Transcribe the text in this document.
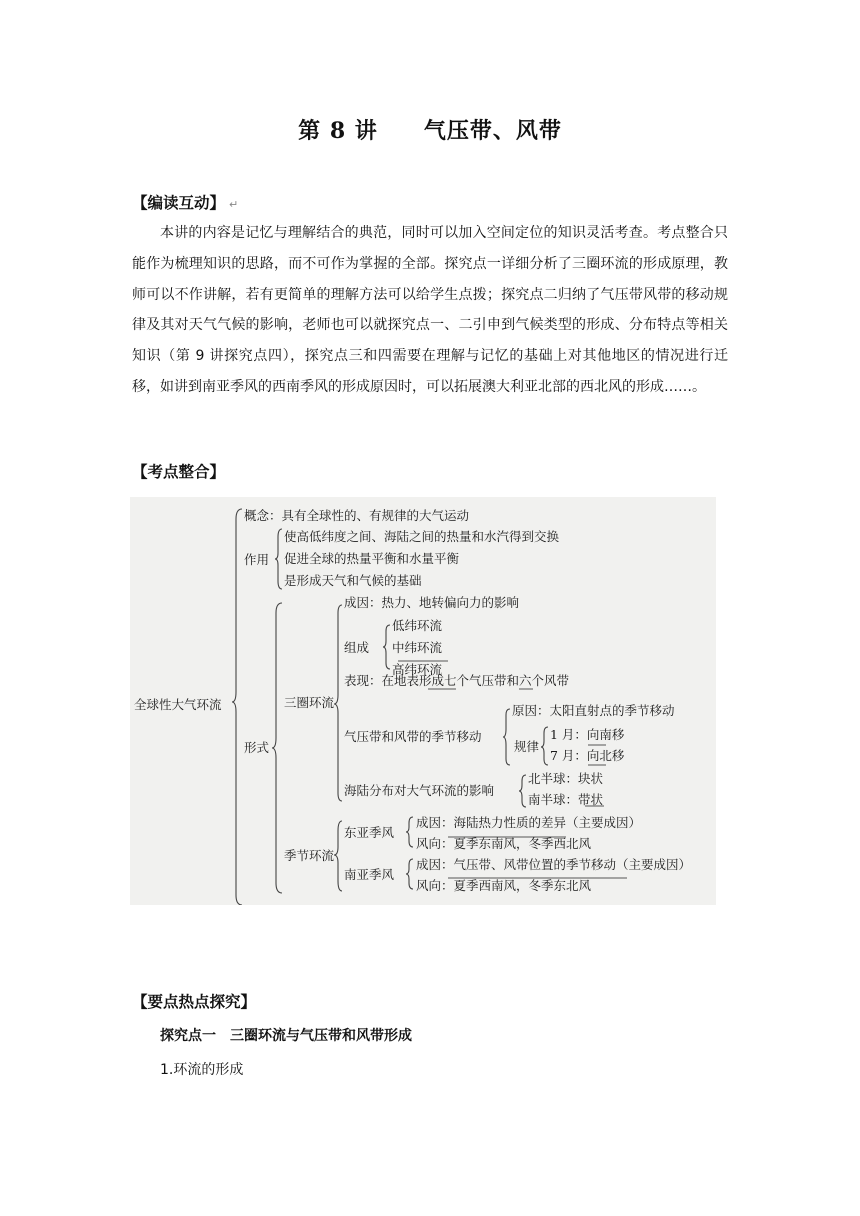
第 8 讲 气压带、风带
【编读互动】 ↵

本讲的内容是记忆与理解结合的典范，同时可以加入空间定位的知识灵活考查。考点整合只能作为梳理知识的思路，而不可作为掌握的全部。探究点一详细分析了三圈环流的形成原理，教师可以不作讲解，若有更简单的理解方法可以给学生点拨；探究点二归纳了气压带风带的移动规律及其对天气气候的影响，老师也可以就探究点一、二引申到气候类型的形成、分布特点等相关知识（第 9 讲探究点四），探究点三和四需要在理解与记忆的基础上对其他地区的情况进行迁移，如讲到南亚季风的西南季风的形成原因时，可以拓展澳大利亚北部的西北风的形成……。

【考点整合】
全球性大气环流
概念：具有全球性的、有规律的大气运动
作用
使高低纬度之间、海陆之间的热量和水汽得到交换
促进全球的热量平衡和水量平衡
是形成天气和气候的基础
形式
三圈环流
成因：热力、地转偏向力的影响
组成
低纬环流
中纬环流
高纬环流
表现：在地表形成七个气压带和六个风带
气压带和风带的季节移动
原因：太阳直射点的季节移动
规律
1 月：向南移
7 月：向北移
海陆分布对大气环流的影响
北半球：块状
南半球：带状
季节环流
东亚季风
成因：海陆热力性质的差异（主要成因）
风向：夏季东南风，冬季西北风
南亚季风
成因：气压带、风带位置的季节移动（主要成因）
风向：夏季西南风，冬季东北风
【要点热点探究】
探究点一　三圈环流与气压带和风带形成
1.环流的形成
